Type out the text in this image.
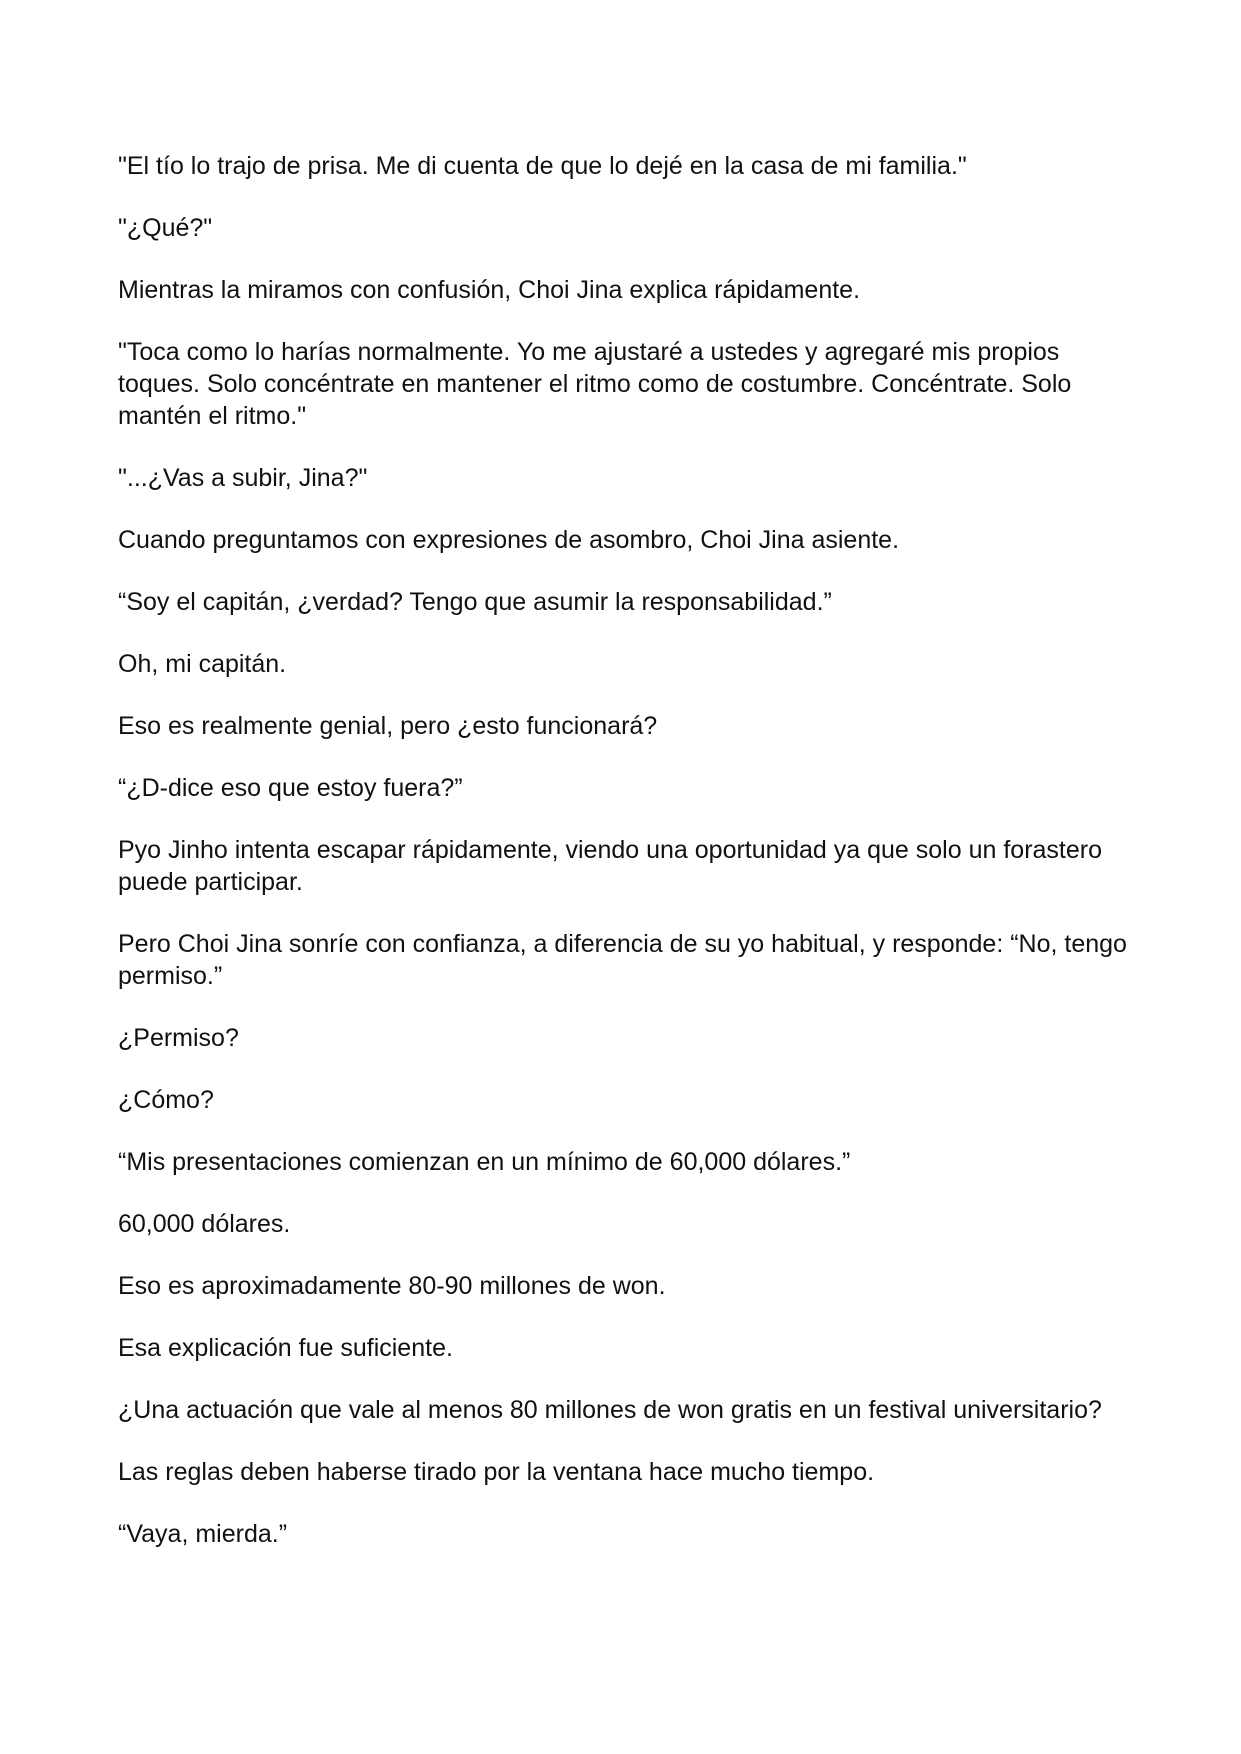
"El tío lo trajo de prisa. Me di cuenta de que lo dejé en la casa de mi familia."

"¿Qué?"

Mientras la miramos con confusión, Choi Jina explica rápidamente.

"Toca como lo harías normalmente. Yo me ajustaré a ustedes y agregaré mis propios toques. Solo concéntrate en mantener el ritmo como de costumbre. Concéntrate. Solo mantén el ritmo."

"...¿Vas a subir, Jina?"

Cuando preguntamos con expresiones de asombro, Choi Jina asiente.

“Soy el capitán, ¿verdad? Tengo que asumir la responsabilidad.”

Oh, mi capitán.

Eso es realmente genial, pero ¿esto funcionará?

“¿D-dice eso que estoy fuera?”

Pyo Jinho intenta escapar rápidamente, viendo una oportunidad ya que solo un forastero puede participar.

Pero Choi Jina sonríe con confianza, a diferencia de su yo habitual, y responde: “No, tengo permiso.”

¿Permiso?

¿Cómo?

“Mis presentaciones comienzan en un mínimo de 60,000 dólares.”

60,000 dólares.

Eso es aproximadamente 80-90 millones de won.

Esa explicación fue suficiente.

¿Una actuación que vale al menos 80 millones de won gratis en un festival universitario?

Las reglas deben haberse tirado por la ventana hace mucho tiempo.

“Vaya, mierda.”
